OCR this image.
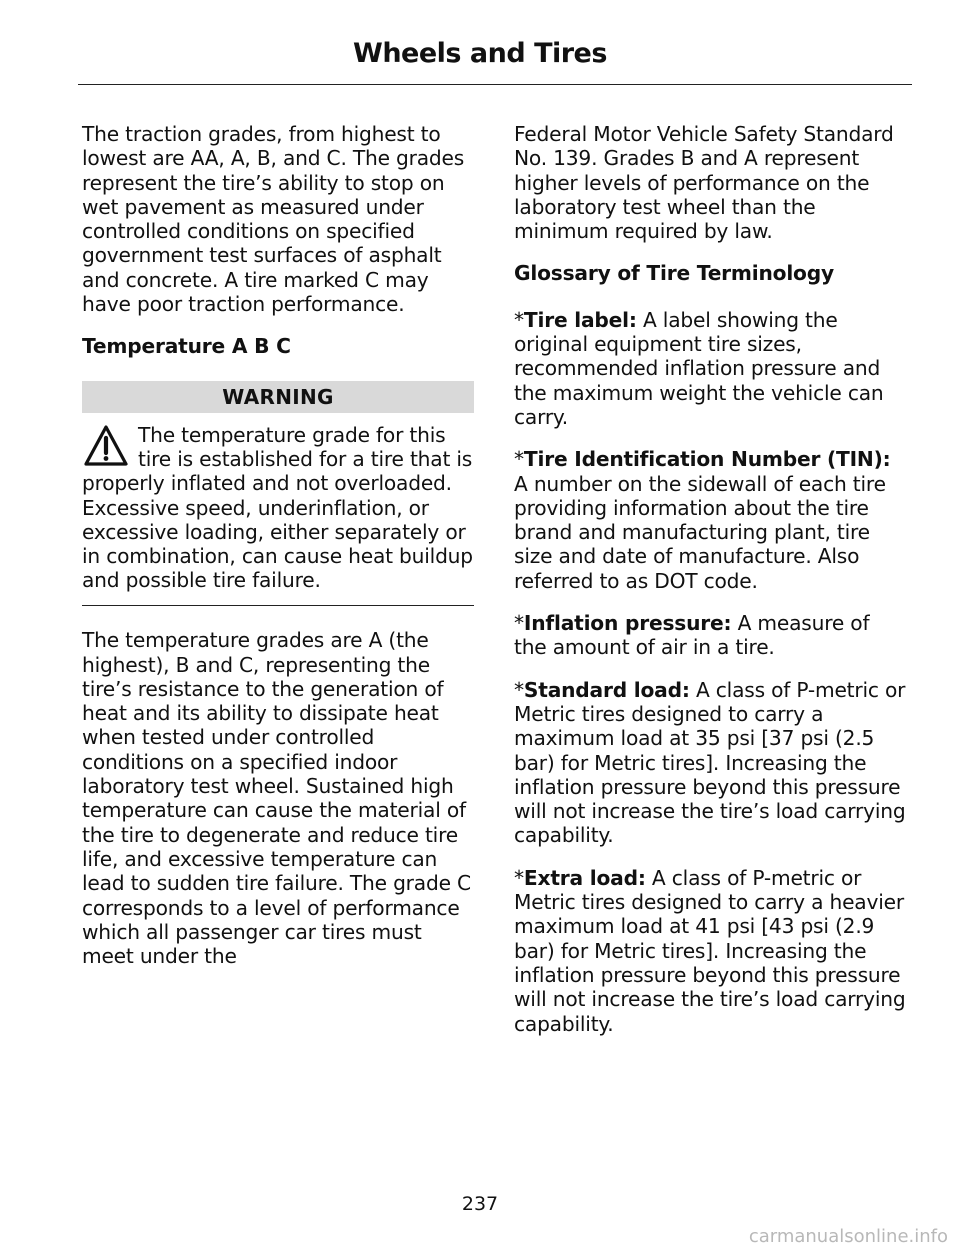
Wheels and Tires

The traction grades, from highest to lowest are AA, A, B, and C. The grades represent the tire’s ability to stop on wet pavement as measured under controlled conditions on specified government test surfaces of asphalt and concrete. A tire marked C may have poor traction performance.

Temperature A B C
WARNING

The temperature grade for this tire is established for a tire that is properly inflated and not overloaded. Excessive speed, underinflation, or excessive loading, either separately or in combination, can cause heat buildup and possible tire failure.

The temperature grades are A (the highest), B and C, representing the tire’s resistance to the generation of heat and its ability to dissipate heat when tested under controlled conditions on a specified indoor laboratory test wheel. Sustained high temperature can cause the material of the tire to degenerate and reduce tire life, and excessive temperature can lead to sudden tire failure. The grade C corresponds to a level of performance which all passenger car tires must meet under the

Federal Motor Vehicle Safety Standard No. 139. Grades B and A represent higher levels of performance on the laboratory test wheel than the minimum required by law.

Glossary of Tire Terminology

*Tire label: A label showing the original equipment tire sizes, recommended inflation pressure and the maximum weight the vehicle can carry.

*Tire Identification Number (TIN): A number on the sidewall of each tire providing information about the tire brand and manufacturing plant, tire size and date of manufacture. Also referred to as DOT code.

*Inflation pressure: A measure of the amount of air in a tire.

*Standard load: A class of P-metric or Metric tires designed to carry a maximum load at 35 psi [37 psi (2.5 bar) for Metric tires]. Increasing the inflation pressure beyond this pressure will not increase the tire’s load carrying capability.

*Extra load: A class of P-metric or Metric tires designed to carry a heavier maximum load at 41 psi [43 psi (2.9 bar) for Metric tires]. Increasing the inflation pressure beyond this pressure will not increase the tire’s load carrying capability.

237
carmanualsonline.info
